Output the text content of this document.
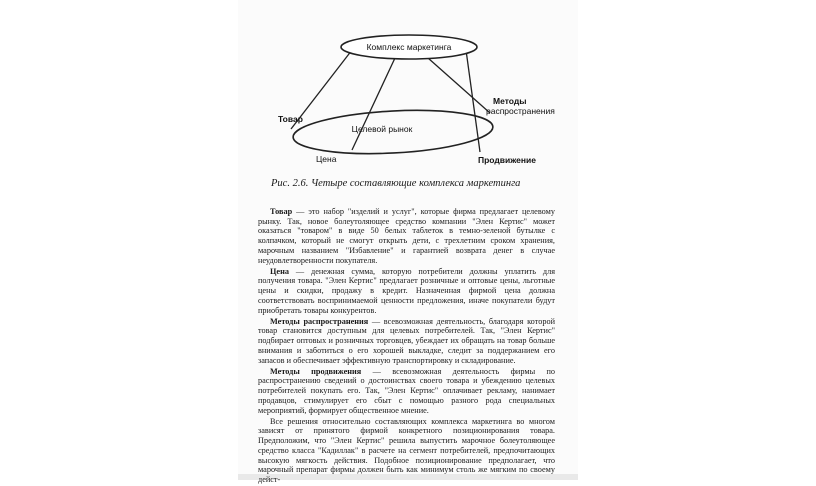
Комплекс маркетинга
Целевой рынок
Товар
Цена
Методы
распространения
Продвижение

Рис. 2.6. Четыре составляющие комплекса маркетинга

Товар — это набор "изделий и услуг", которые фирма предлагает целевому рынку. Так, новое болеутоляющее средство компании "Элен Кертис" может оказаться "товаром" в виде 50 белых таблеток в темно-зеленой бутылке с колпачком, который не смогут открыть дети, с трехлетним сроком хранения, марочным названием "Избавление" и гарантией возврата денег в случае неудовлетворенности покупателя.

Цена — денежная сумма, которую потребители должны уплатить для получения товара. "Элен Кертис" предлагает розничные и оптовые цены, льготные цены и скидки, продажу в кредит. Назначенная фирмой цена должна соответствовать воспринимаемой ценности предложения, иначе покупатели будут приобретать товары конкурентов.

Методы распространения — всевозможная деятельность, благодаря которой товар становится доступным для целевых потребителей. Так, "Элен Кертис" подбирает оптовых и розничных торговцев, убеждает их обращать на товар больше внимания и заботиться о его хорошей выкладке, следит за поддержанием его запасов и обеспечивает эффективную транспортировку и складирование.

Методы продвижения — всевозможная деятельность фирмы по распространению сведений о достоинствах своего товара и убеждению целевых потребителей покупать его. Так, "Элен Кертис" оплачивает рекламу, нанимает продавцов, стимулирует его сбыт с помощью разного рода специальных мероприятий, формирует общественное мнение.

Все решения относительно составляющих комплекса маркетинга во многом зависят от принятого фирмой конкретного позиционирования товара. Предположим, что "Элен Кертис" решила выпустить марочное болеутоляющее средство класса "Кадиллак" в расчете на сегмент потребителей, предпочитающих высокую мягкость действия. Подобное позиционирование предполагает, что марочный препарат фирмы должен быть как минимум столь же мягким по своему дейст-
